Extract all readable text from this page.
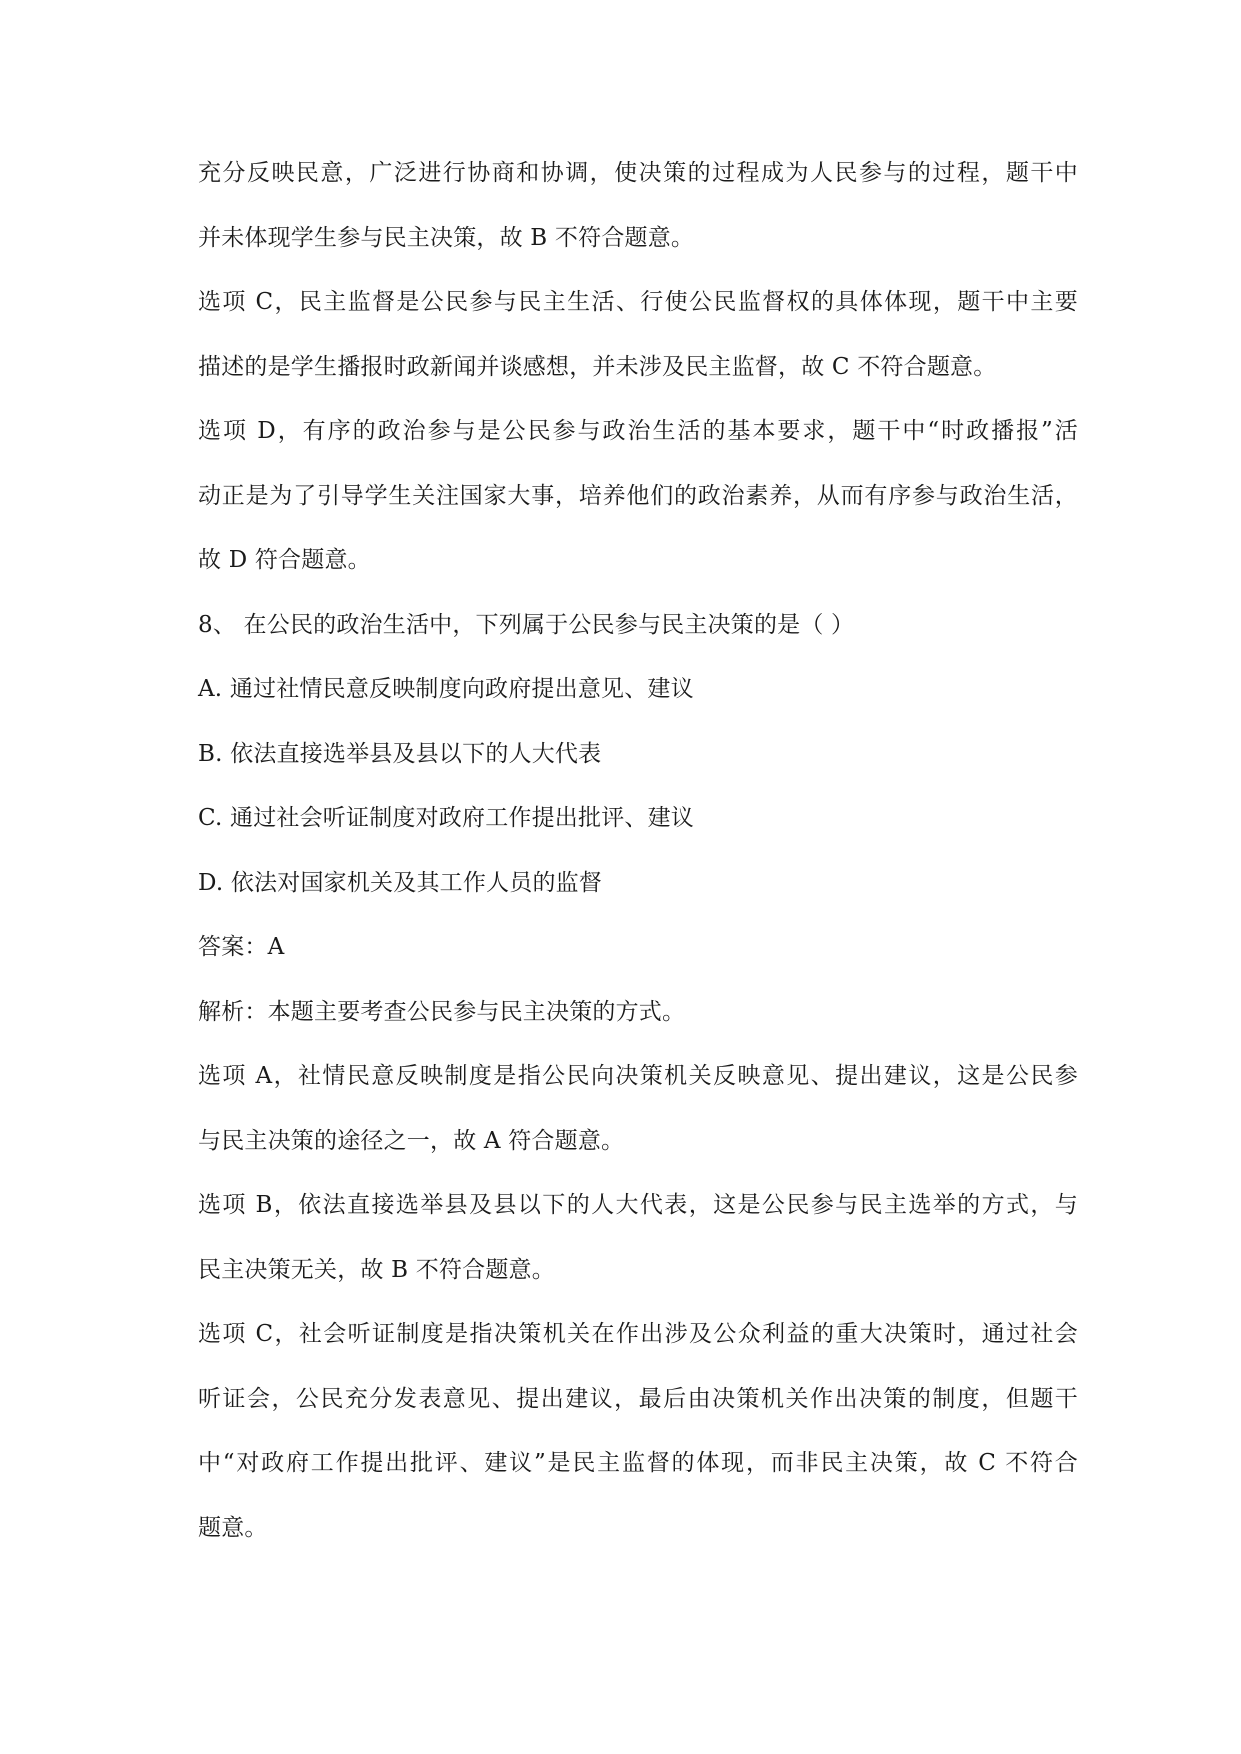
充分反映民意，广泛进行协商和协调，使决策的过程成为人民参与的过程，题干中
并未体现学生参与民主决策，故 B 不符合题意。
选项 C，民主监督是公民参与民主生活、行使公民监督权的具体体现，题干中主要
描述的是学生播报时政新闻并谈感想，并未涉及民主监督，故 C 不符合题意。
选项 D，有序的政治参与是公民参与政治生活的基本要求，题干中“时政播报”活
动正是为了引导学生关注国家大事，培养他们的政治素养，从而有序参与政治生活，
故 D 符合题意。
8、 在公民的政治生活中，下列属于公民参与民主决策的是（ ）
A. 通过社情民意反映制度向政府提出意见、建议
B. 依法直接选举县及县以下的人大代表
C. 通过社会听证制度对政府工作提出批评、建议
D. 依法对国家机关及其工作人员的监督
答案：A
解析：本题主要考查公民参与民主决策的方式。
选项 A，社情民意反映制度是指公民向决策机关反映意见、提出建议，这是公民参
与民主决策的途径之一，故 A 符合题意。
选项 B，依法直接选举县及县以下的人大代表，这是公民参与民主选举的方式，与
民主决策无关，故 B 不符合题意。
选项 C，社会听证制度是指决策机关在作出涉及公众利益的重大决策时，通过社会
听证会，公民充分发表意见、提出建议，最后由决策机关作出决策的制度，但题干
中“对政府工作提出批评、建议”是民主监督的体现，而非民主决策，故 C 不符合
题意。
